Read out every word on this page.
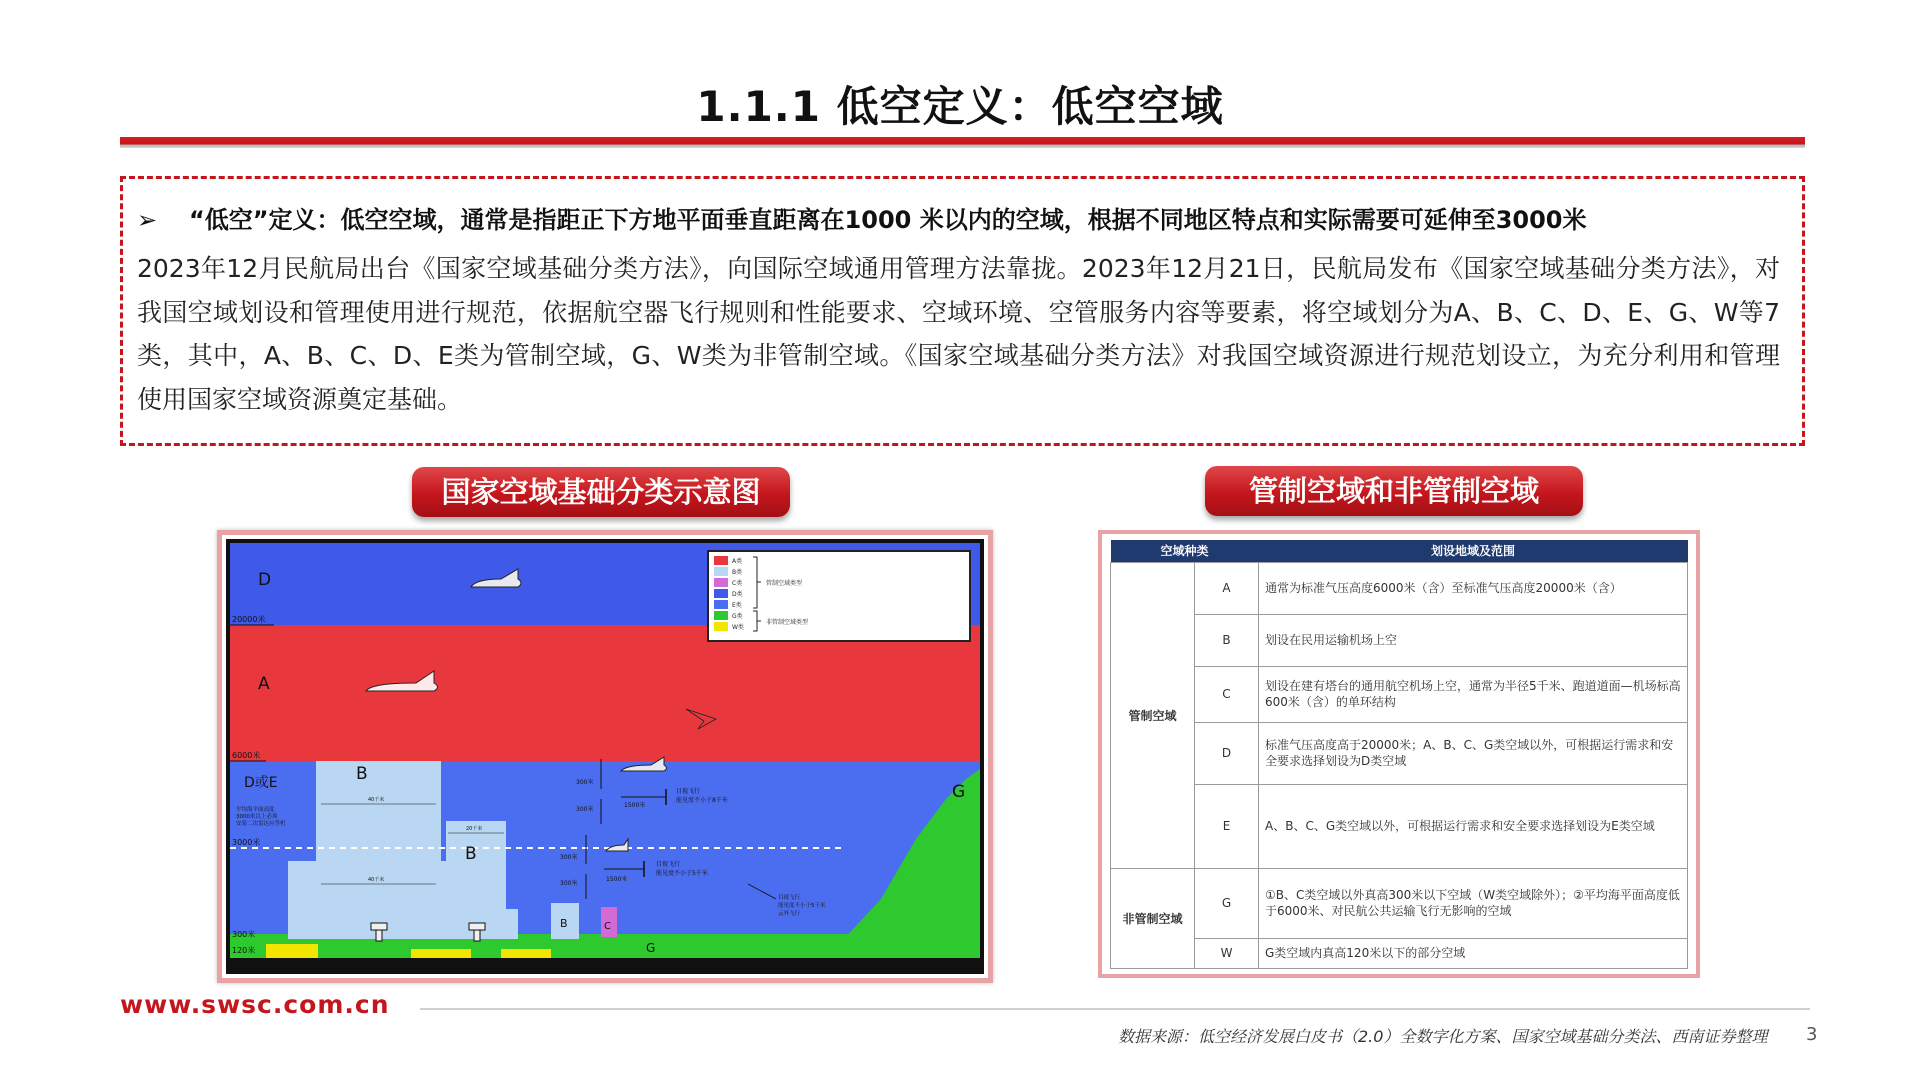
1.1.1 低空定义：低空空域
➢	“低空”定义：低空空域，通常是指距正下方地平面垂直距离在1000 米以内的空域，根据不同地区特点和实际需要可延伸至3000米
2023年12月民航局出台《国家空域基础分类方法》，向国际空域通用管理方法靠拢。2023年12月21日，民航局发布《国家空域基础分类方法》，对我国空域划设和管理使用进行规范，依据航空器飞行规则和性能要求、空域环境、空管服务内容等要素，将空域划分为A、B、C、D、E、G、W等7类，其中，A、B、C、D、E类为管制空域，G、W类为非管制空域。《国家空域基础分类方法》对我国空域资源进行规范划设立，为充分利用和管理使用国家空域资源奠定基础。
国家空域基础分类示意图	管制空域和非管制空域
A类
B类
C类
D类
E类
G类
W类
管制空域类型
非管制空域类型
D
A
D或E	B
B
B	C
G
G
20000米
6000米
3000米
300米
120米
平均海平面高度
3000米以上必须
安装二次雷达应答机
40千米
20千米
40千米
300米
300米
1500米
目视飞行
能见度不小于8千米
300米
300米
1500米
目视飞行
能见度不小于5千米
目视飞行
能见度不小于5千米
云外飞行
空域种类		划设地域及范围
管制空域	A	通常为标准气压高度6000米（含）至标准气压高度20000米（含）
	B	划设在民用运输机场上空
	C	划设在建有塔台的通用航空机场上空，通常为半径5千米、跑道道面—机场标高600米（含）的单环结构
	D	标准气压高度高于20000米；A、B、C、G类空域以外，可根据运行需求和安全要求选择划设为D类空域
	E	A、B、C、G类空域以外，可根据运行需求和安全要求选择划设为E类空域
非管制空域	G	①B、C类空域以外真高300米以下空域（W类空域除外）；②平均海平面高度低于6000米、对民航公共运输飞行无影响的空域
	W	G类空域内真高120米以下的部分空域
www.swsc.com.cn
数据来源：低空经济发展白皮书（2.0）全数字化方案、国家空域基础分类法、西南证券整理 3
